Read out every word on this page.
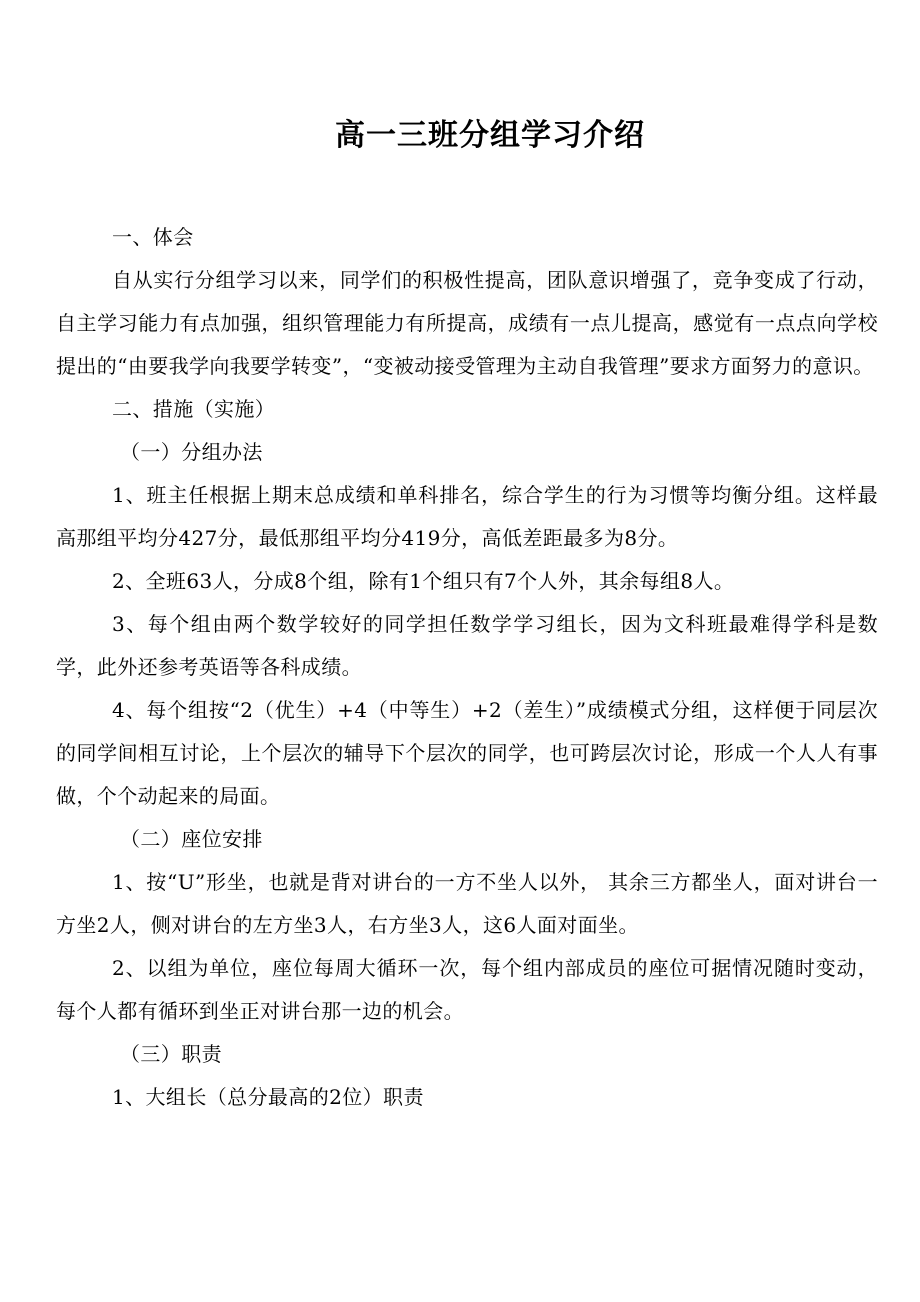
高一三班分组学习介绍

一、体会

自从实行分组学习以来，同学们的积极性提高，团队意识增强了，竞争变成了行动，自主学习能力有点加强，组织管理能力有所提高，成绩有一点儿提高，感觉有一点点向学校提出的“由要我学向我要学转变”，“变被动接受管理为主动自我管理”要求方面努力的意识。

二、措施（实施）

（一）分组办法

1、班主任根据上期末总成绩和单科排名，综合学生的行为习惯等均衡分组。这样最高那组平均分427分，最低那组平均分419分，高低差距最多为8分。

2、全班63人，分成8个组，除有1个组只有7个人外，其余每组8人。

3、每个组由两个数学较好的同学担任数学学习组长，因为文科班最难得学科是数学，此外还参考英语等各科成绩。

4、每个组按“2（优生）+4（中等生）+2（差生）”成绩模式分组，这样便于同层次的同学间相互讨论，上个层次的辅导下个层次的同学，也可跨层次讨论，形成一个人人有事做，个个动起来的局面。

（二）座位安排

1、按“U”形坐，也就是背对讲台的一方不坐人以外， 其余三方都坐人，面对讲台一方坐2人，侧对讲台的左方坐3人，右方坐3人，这6人面对面坐。

2、以组为单位，座位每周大循环一次，每个组内部成员的座位可据情况随时变动，每个人都有循环到坐正对讲台那一边的机会。

（三）职责

1、大组长（总分最高的2位）职责
